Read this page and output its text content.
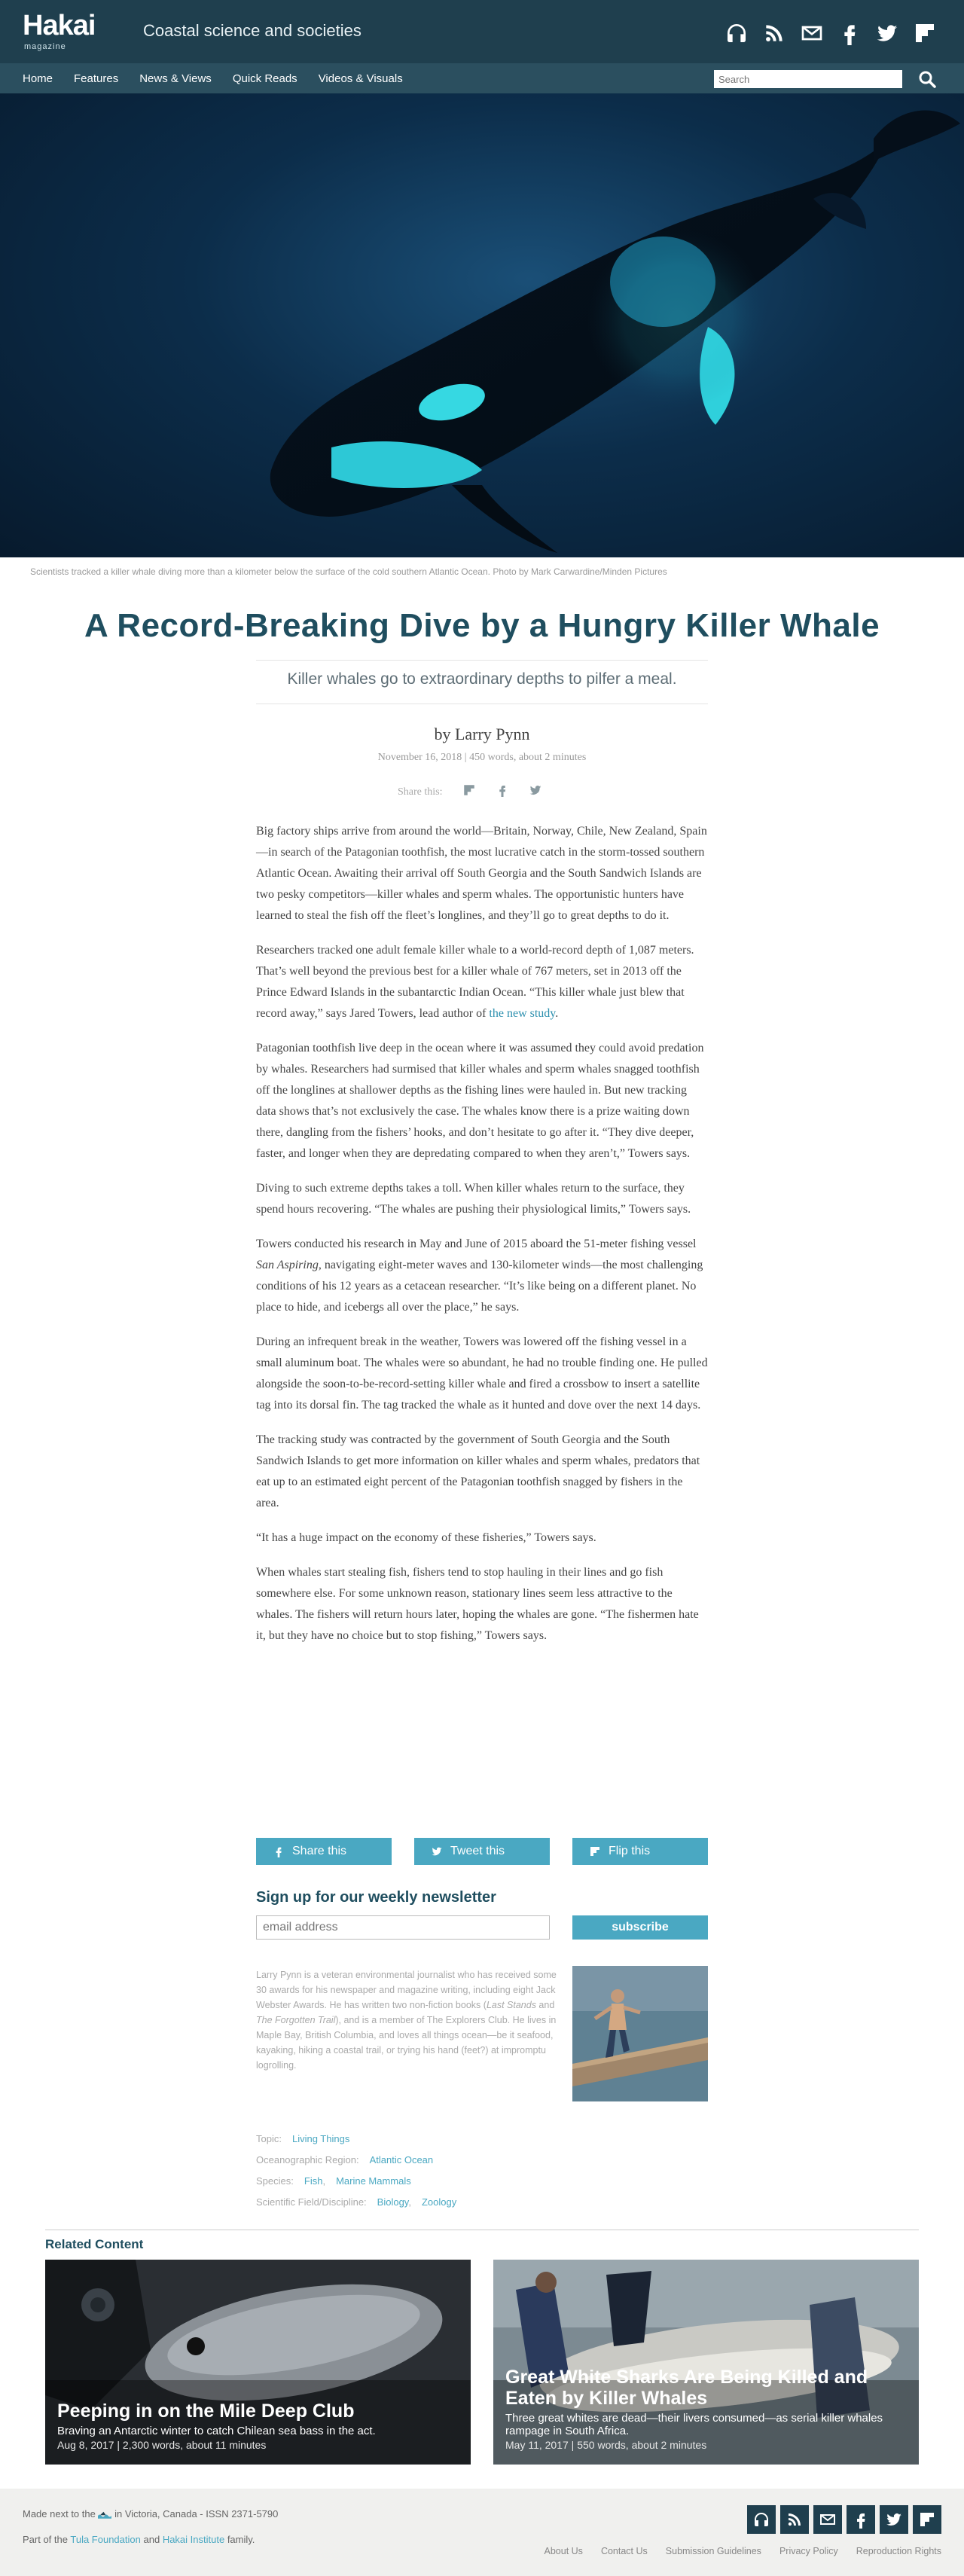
Hakai
magazine
Coastal science and societies
Home Features News & Views Quick Reads Videos & Visuals
Search
Scientists tracked a killer whale diving more than a kilometer below the surface of the cold southern Atlantic Ocean. Photo by Mark Carwardine/Minden Pictures
A Record-Breaking Dive by a Hungry Killer Whale
Killer whales go to extraordinary depths to pilfer a meal.
by Larry Pynn
November 16, 2018 | 450 words, about 2 minutes
Share this:

Big factory ships arrive from around the world—Britain, Norway, Chile, New Zealand, Spain—in search of the Patagonian toothfish, the most lucrative catch in the storm-tossed southern Atlantic Ocean. Awaiting their arrival off South Georgia and the South Sandwich Islands are two pesky competitors—killer whales and sperm whales. The opportunistic hunters have learned to steal the fish off the fleet’s longlines, and they’ll go to great depths to do it.

Researchers tracked one adult female killer whale to a world-record depth of 1,087 meters. That’s well beyond the previous best for a killer whale of 767 meters, set in 2013 off the Prince Edward Islands in the subantarctic Indian Ocean. “This killer whale just blew that record away,” says Jared Towers, lead author of the new study.

Patagonian toothfish live deep in the ocean where it was assumed they could avoid predation by whales. Researchers had surmised that killer whales and sperm whales snagged toothfish off the longlines at shallower depths as the fishing lines were hauled in. But new tracking data shows that’s not exclusively the case. The whales know there is a prize waiting down there, dangling from the fishers’ hooks, and don’t hesitate to go after it. “They dive deeper, faster, and longer when they are depredating compared to when they aren’t,” Towers says.

Diving to such extreme depths takes a toll. When killer whales return to the surface, they spend hours recovering. “The whales are pushing their physiological limits,” Towers says.

Towers conducted his research in May and June of 2015 aboard the 51-meter fishing vessel San Aspiring, navigating eight-meter waves and 130-kilometer winds—the most challenging conditions of his 12 years as a cetacean researcher. “It’s like being on a different planet. No place to hide, and icebergs all over the place,” he says.

During an infrequent break in the weather, Towers was lowered off the fishing vessel in a small aluminum boat. The whales were so abundant, he had no trouble finding one. He pulled alongside the soon-to-be-record-setting killer whale and fired a crossbow to insert a satellite tag into its dorsal fin. The tag tracked the whale as it hunted and dove over the next 14 days.

The tracking study was contracted by the government of South Georgia and the South Sandwich Islands to get more information on killer whales and sperm whales, predators that eat up to an estimated eight percent of the Patagonian toothfish snagged by fishers in the area.

“It has a huge impact on the economy of these fisheries,” Towers says.

When whales start stealing fish, fishers tend to stop hauling in their lines and go fish somewhere else. For some unknown reason, stationary lines seem less attractive to the whales. The fishers will return hours later, hoping the whales are gone. “The fishermen hate it, but they have no choice but to stop fishing,” Towers says.

Share this	Tweet this	Flip this
Sign up for our weekly newsletter
email address
subscribe
Larry Pynn is a veteran environmental journalist who has received some 30 awards for his newspaper and magazine writing, including eight Jack Webster Awards. He has written two non-fiction books (Last Stands and The Forgotten Trail), and is a member of The Explorers Club. He lives in Maple Bay, British Columbia, and loves all things ocean—be it seafood, kayaking, hiking a coastal trail, or trying his hand (feet?) at impromptu logrolling.
Topic: Living Things
Oceanographic Region: Atlantic Ocean
Species: Fish, Marine Mammals
Scientific Field/Discipline: Biology, Zoology
Related Content
Peeping in on the Mile Deep Club
Braving an Antarctic winter to catch Chilean sea bass in the act.
Aug 8, 2017 | 2,300 words, about 11 minutes
Great White Sharks Are Being Killed and Eaten by Killer Whales
Three great whites are dead—their livers consumed—as serial killer whales rampage in South Africa.
May 11, 2017 | 550 words, about 2 minutes
Made next to the in Victoria, Canada - ISSN 2371-5790
Part of the Tula Foundation and Hakai Institute family.
About Us Contact Us Submission Guidelines Privacy Policy Reproduction Rights
